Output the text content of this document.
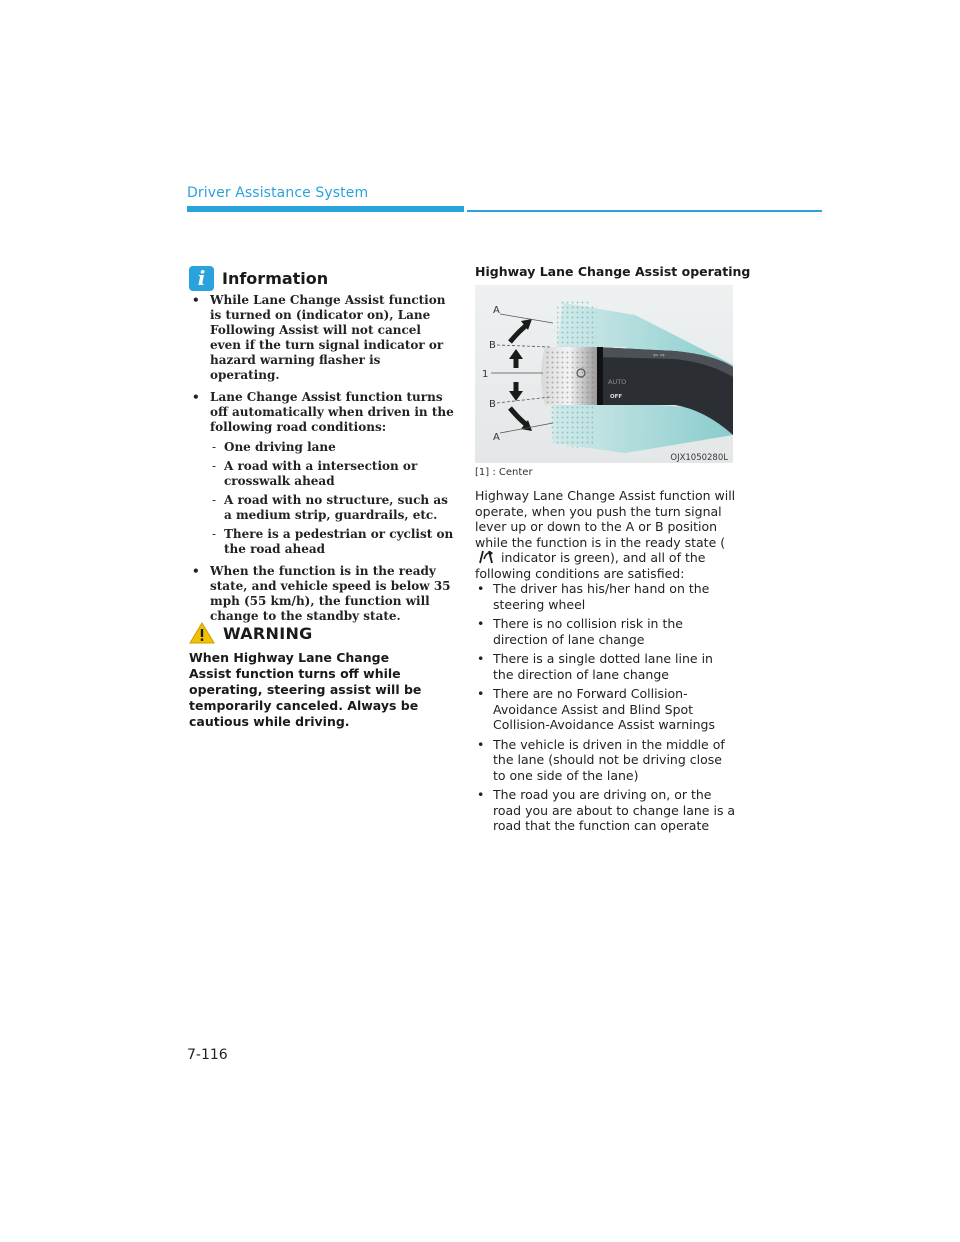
Driver Assistance System
i	Information
• While Lane Change Assist function is turned on (indicator on), Lane Following Assist will not cancel even if the turn signal indicator or hazard warning flasher is operating.
• Lane Change Assist function turns off automatically when driven in the following road conditions:
- One driving lane
- A road with a intersection or crosswalk ahead
- A road with no structure, such as a medium strip, guardrails, etc.
- There is a pedestrian or cyclist on the road ahead
• When the function is in the ready state, and vehicle speed is below 35 mph (55 km/h), the function will change to the standby state.
WARNING
When Highway Lane Change Assist function turns off while operating, steering assist will be temporarily canceled. Always be cautious while driving.
Highway Lane Change Assist operating
AUTO
OFF
⇦ ⇨
A
B
1
B
A
OJX1050280L
[1] : Center
Highway Lane Change Assist function will operate, when you push the turn signal lever up or down to the A or B position while the function is in the ready state ( indicator is green), and all of the following conditions are satisfied:
• The driver has his/her hand on the steering wheel
• There is no collision risk in the direction of lane change
• There is a single dotted lane line in the direction of lane change
• There are no Forward Collision-Avoidance Assist and Blind Spot Collision-Avoidance Assist warnings
• The vehicle is driven in the middle of the lane (should not be driving close to one side of the lane)
• The road you are driving on, or the road you are about to change lane is a road that the function can operate
7-116
